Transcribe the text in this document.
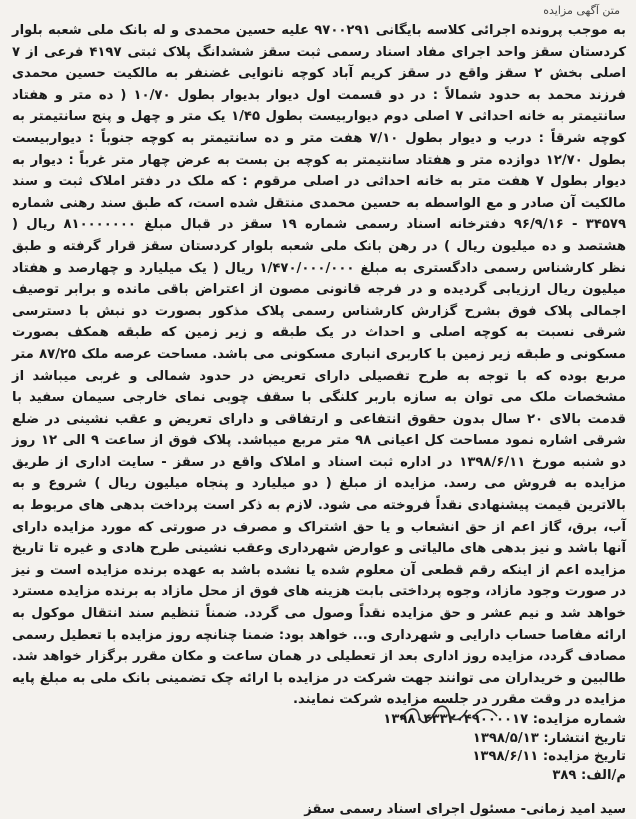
متن آگهی مزایده

به موجب پرونده اجرائی کلاسه بایگانی ۹۷۰۰۲۹۱ علیه حسین محمدی و له بانک ملی شعبه بلوار کردستان سقز واحد اجرای مفاد اسناد رسمی ثبت سقز ششدانگ پلاک ثبتی ۴۱۹۷ فرعی از ۷ اصلی بخش ۲ سقز واقع در سقز کریم آباد کوچه نانوایی غضنفر به مالکیت حسین محمدی فرزند محمد به حدود شمالاً : در دو قسمت اول دیوار بدیوار بطول ۱۰/۷۰ ( ده متر و هفتاد سانتیمتر به خانه احداثی ۷ اصلی دوم دیواربیست بطول ۱/۴۵ یک متر و چهل و پنج سانتیمتر به کوچه شرقاً : درب و دیوار بطول ۷/۱۰ هفت متر و ده سانتیمتر به کوچه جنوباً : دیواربیست بطول ۱۲/۷۰ دوازده متر و هفتاد سانتیمتر به کوچه بن بست به عرض چهار متر غرباً : دیوار به دیوار بطول ۷ هفت متر به خانه احداثی در اصلی مرقوم : که ملک در دفتر املاک ثبت و سند مالکیت آن صادر و مع الواسطه به حسین محمدی منتقل شده است، که طبق سند رهنی شماره ۳۴۵۷۹ - ۹۶/۹/۱۶ دفترخانه اسناد رسمی شماره ۱۹ سقز در قبال مبلغ ۸۱۰۰۰۰۰۰۰ ریال ( هشتصد و ده میلیون ریال ) در رهن بانک ملی شعبه بلوار کردستان سقز قرار گرفته و طبق نظر کارشناس رسمی دادگستری به مبلغ ۱/۴۷۰/۰۰۰/۰۰۰ ریال ( یک میلیارد و چهارصد و هفتاد میلیون ریال ارزیابی گردیده و در فرجه قانونی مصون از اعتراض باقی مانده و برابر توصیف اجمالی پلاک فوق بشرح گزارش کارشناس رسمی پلاک مذکور بصورت دو نبش با دسترسی شرقی نسبت به کوچه اصلی و احداث در یک طبقه و زیر زمین که طبقه همکف بصورت مسکونی و طبقه زیر زمین با کاربری انباری مسکونی می باشد. مساحت عرصه ملک ۸۷/۲۵ متر مربع بوده که با توجه به طرح تفصیلی دارای تعریض در حدود شمالی و غربی میباشد از مشخصات ملک می توان به سازه باربر کلنگی با سقف چوبی نمای خارجی سیمان سفید با قدمت بالای ۲۰ سال بدون حقوق انتفاعی و ارتفاقی و دارای تعریض و عقب نشینی در ضلع شرقی اشاره نمود مساحت کل اعیانی ۹۸ متر مربع میباشد. پلاک فوق از ساعت ۹ الی ۱۲ روز دو شنبه مورخ ۱۳۹۸/۶/۱۱ در اداره ثبت اسناد و املاک واقع در سقز - سایت اداری از طریق مزایده به فروش می رسد. مزایده از مبلغ ( دو میلیارد و پنجاه میلیون ریال ) شروع و به بالاترین قیمت پیشنهادی نقداً فروخته می شود. لازم به ذکر است پرداخت بدهی های مربوط به آب، برق، گاز اعم از حق انشعاب و یا حق اشتراک و مصرف در صورتی که مورد مزایده دارای آنها باشد و نیز بدهی های مالیاتی و عوارض شهرداری وعقب نشینی طرح هادی و غیره تا تاریخ مزایده اعم از اینکه رقم قطعی آن معلوم شده یا نشده باشد به عهده برنده مزایده است و نیز در صورت وجود مازاد، وجوه پرداختی بابت هزینه های فوق از محل مازاد به برنده مزایده مسترد خواهد شد و نیم عشر و حق مزایده نقداً وصول می گردد. ضمناً تنظیم سند انتقال موکول به ارائه مفاصا حساب دارایی و شهرداری و... خواهد بود: ضمنا چنانچه روز مزایده با تعطیل رسمی مصادف گردد، مزایده روز اداری بعد از تعطیلی در همان ساعت و مکان مقرر برگزار خواهد شد. طالبین و خریداران می توانند جهت شرکت در مزایده با ارائه چک تضمینی بانک ملی به مبلغ پایه مزایده در وقت مقرر در جلسه مزایده شرکت نمایند.

شماره مزایده: ۱۳۹۸۰۴۳۳۲۰۴۹۰۰۰۰۱۷
تاریخ انتشار: ۱۳۹۸/۵/۱۳
تاریخ مزایده: ۱۳۹۸/۶/۱۱
م/الف: ۳۸۹
سید امید زمانی- مسئول اجرای اسناد رسمی سقز
